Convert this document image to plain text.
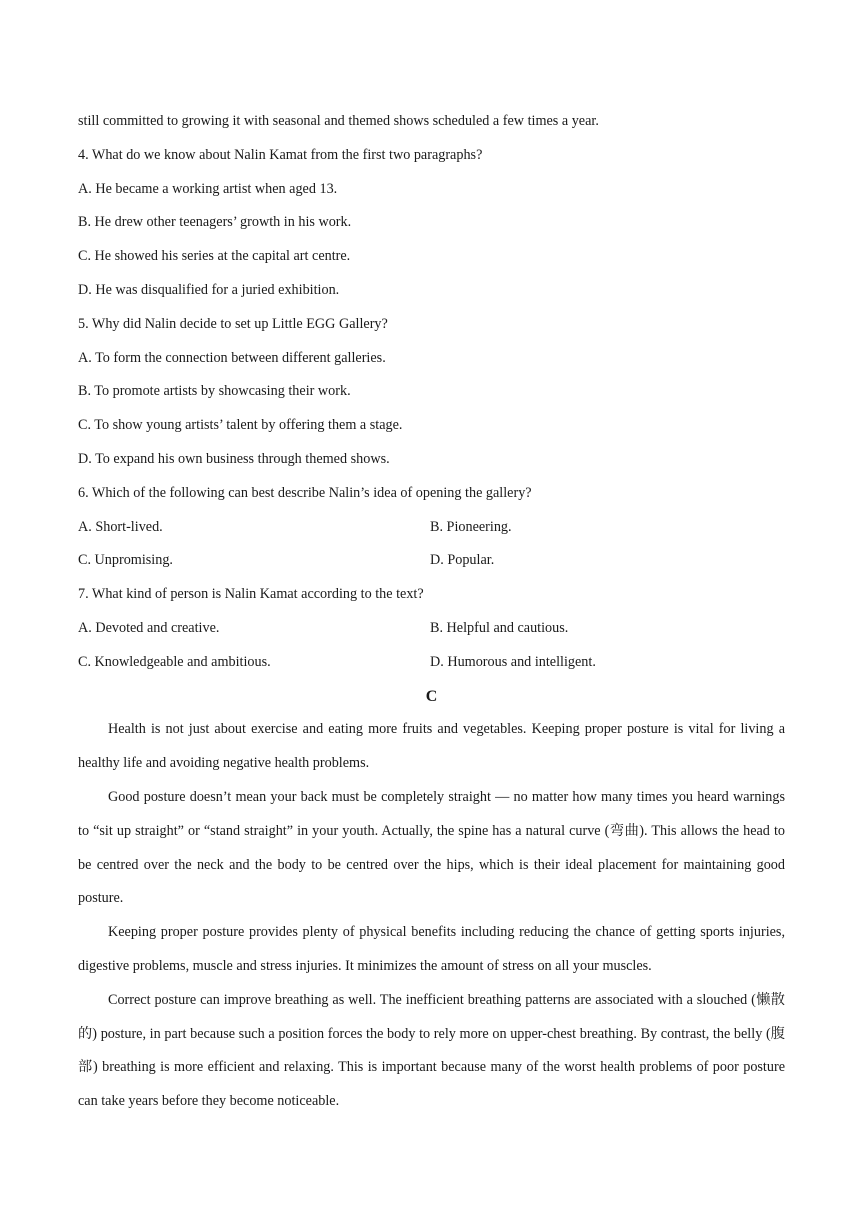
still committed to growing it with seasonal and themed shows scheduled a few times a year.

4. What do we know about Nalin Kamat from the first two paragraphs?

A. He became a working artist when aged 13.

B. He drew other teenagers’ growth in his work.

C. He showed his series at the capital art centre.

D. He was disqualified for a juried exhibition.

5. Why did Nalin decide to set up Little EGG Gallery?

A. To form the connection between different galleries.

B. To promote artists by showcasing their work.

C. To show young artists’ talent by offering them a stage.

D. To expand his own business through themed shows.

6. Which of the following can best describe Nalin’s idea of opening the gallery?

A. Short-lived.	B. Pioneering.
C. Unpromising.	D. Popular.

7. What kind of person is Nalin Kamat according to the text?

A. Devoted and creative.	B. Helpful and cautious.
C. Knowledgeable and ambitious.	D. Humorous and intelligent.

C

Health is not just about exercise and eating more fruits and vegetables. Keeping proper posture is vital for living a healthy life and avoiding negative health problems.

Good posture doesn’t mean your back must be completely straight — no matter how many times you heard warnings to “sit up straight” or “stand straight” in your youth. Actually, the spine has a natural curve (弯曲). This allows the head to be centred over the neck and the body to be centred over the hips, which is their ideal placement for maintaining good posture.

Keeping proper posture provides plenty of physical benefits including reducing the chance of getting sports injuries, digestive problems, muscle and stress injuries. It minimizes the amount of stress on all your muscles.

Correct posture can improve breathing as well. The inefficient breathing patterns are associated with a slouched (懒散的) posture, in part because such a position forces the body to rely more on upper-chest breathing. By contrast, the belly (腹部) breathing is more efficient and relaxing. This is important because many of the worst health problems of poor posture can take years before they become noticeable.
